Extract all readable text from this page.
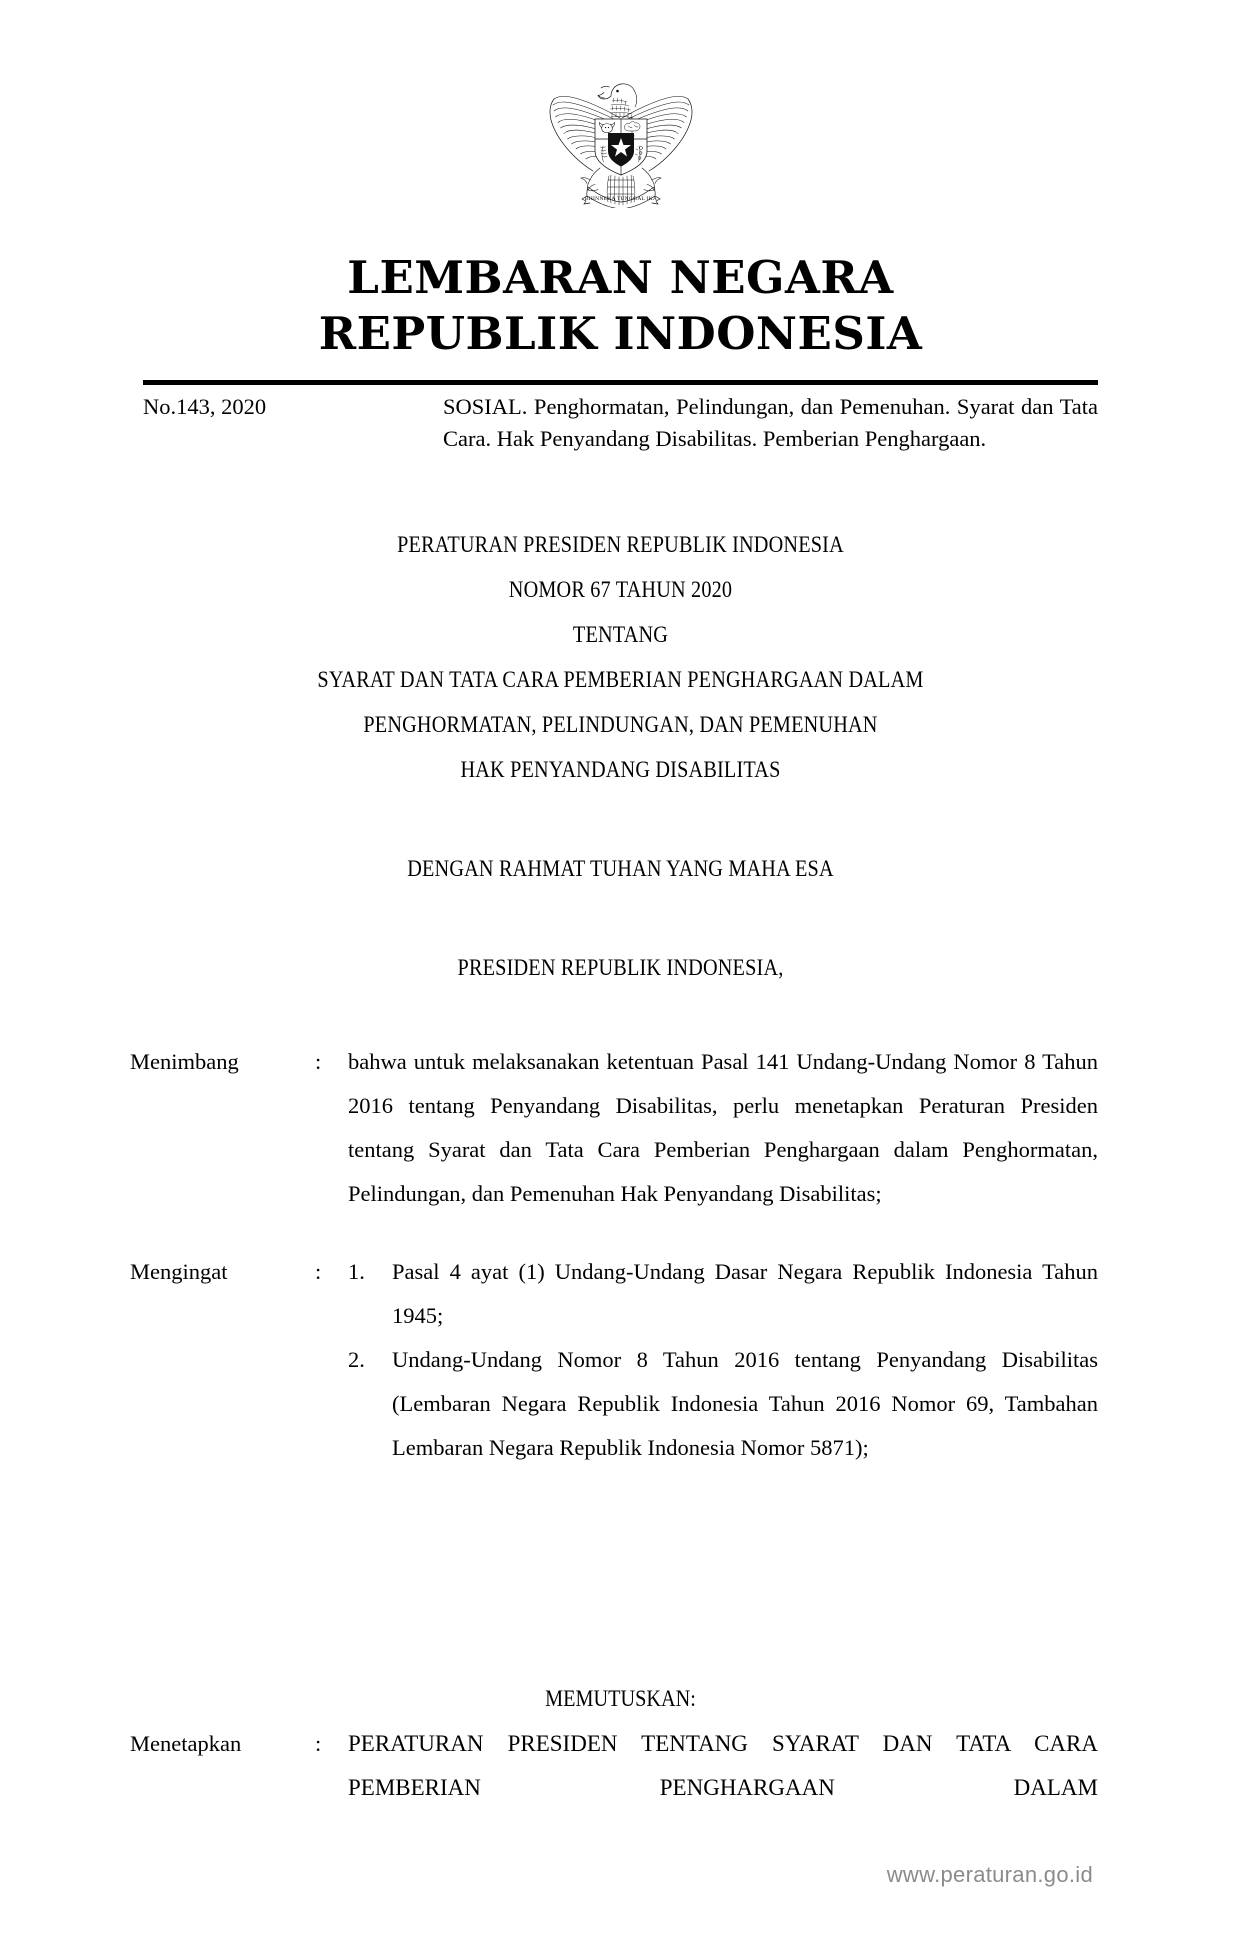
BHINNEKA TUNGGAL IKA
LEMBARAN NEGARA
REPUBLIK INDONESIA
No.143, 2020	SOSIAL. Penghormatan, Pelindungan, dan Pemenuhan. Syarat dan Tata Cara. Hak Penyandang Disabilitas. Pemberian Penghargaan.
PERATURAN PRESIDEN REPUBLIK INDONESIA
NOMOR 67 TAHUN 2020
TENTANG
SYARAT DAN TATA CARA PEMBERIAN PENGHARGAAN DALAM
PENGHORMATAN, PELINDUNGAN, DAN PEMENUHAN
HAK PENYANDANG DISABILITAS
DENGAN RAHMAT TUHAN YANG MAHA ESA
PRESIDEN REPUBLIK INDONESIA,
Menimbang	:	bahwa untuk melaksanakan ketentuan Pasal 141 Undang-Undang Nomor 8 Tahun 2016 tentang Penyandang Disabilitas, perlu menetapkan Peraturan Presiden tentang Syarat dan Tata Cara Pemberian Penghargaan dalam Penghormatan, Pelindungan, dan Pemenuhan Hak Penyandang Disabilitas;
Mengingat	:	1.	Pasal 4 ayat (1) Undang-Undang Dasar Negara Republik Indonesia Tahun 1945;
2.	Undang-Undang Nomor 8 Tahun 2016 tentang Penyandang Disabilitas (Lembaran Negara Republik Indonesia Tahun 2016 Nomor 69, Tambahan Lembaran Negara Republik Indonesia Nomor 5871);
MEMUTUSKAN:
Menetapkan	:	PERATURAN PRESIDEN TENTANG SYARAT DAN TATA CARA PEMBERIAN PENGHARGAAN DALAM
www.peraturan.go.id
